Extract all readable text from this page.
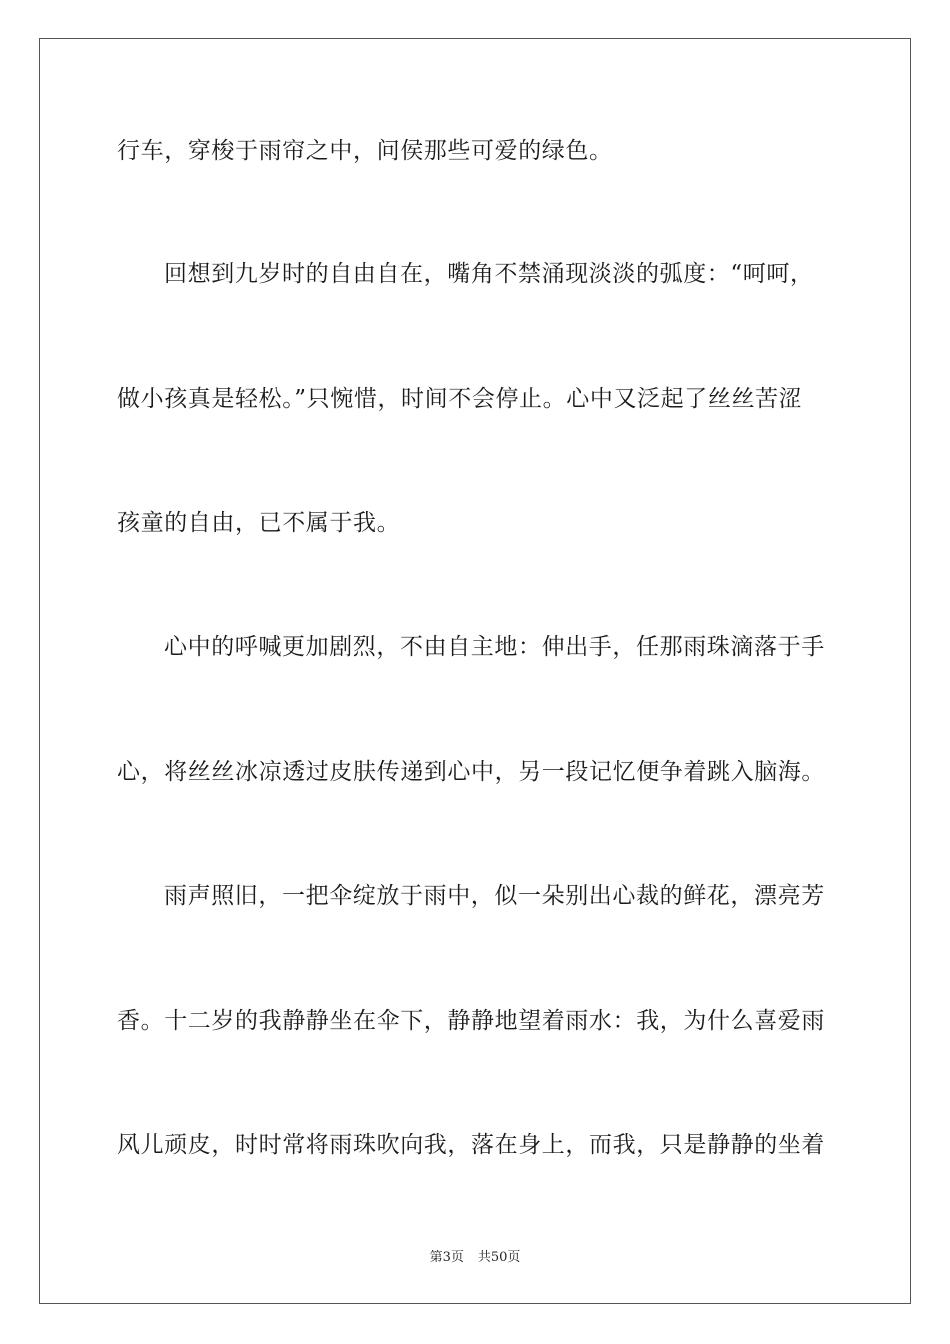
行车，穿梭于雨帘之中，问侯那些可爱的绿色。
回想到九岁时的自由自在，嘴角不禁涌现淡淡的弧度：“呵呵，
做小孩真是轻松。”只惋惜，时间不会停止。心中又泛起了丝丝苦涩
孩童的自由，已不属于我。
心中的呼喊更加剧烈，不由自主地：伸出手，任那雨珠滴落于手
心，将丝丝冰凉透过皮肤传递到心中，另一段记忆便争着跳入脑海。
雨声照旧，一把伞绽放于雨中，似一朵别出心裁的鲜花，漂亮芳
香。十二岁的我静静坐在伞下，静静地望着雨水：我，为什么喜爱雨
风儿顽皮，时时常将雨珠吹向我，落在身上，而我，只是静静的坐着
第3页 共50页
